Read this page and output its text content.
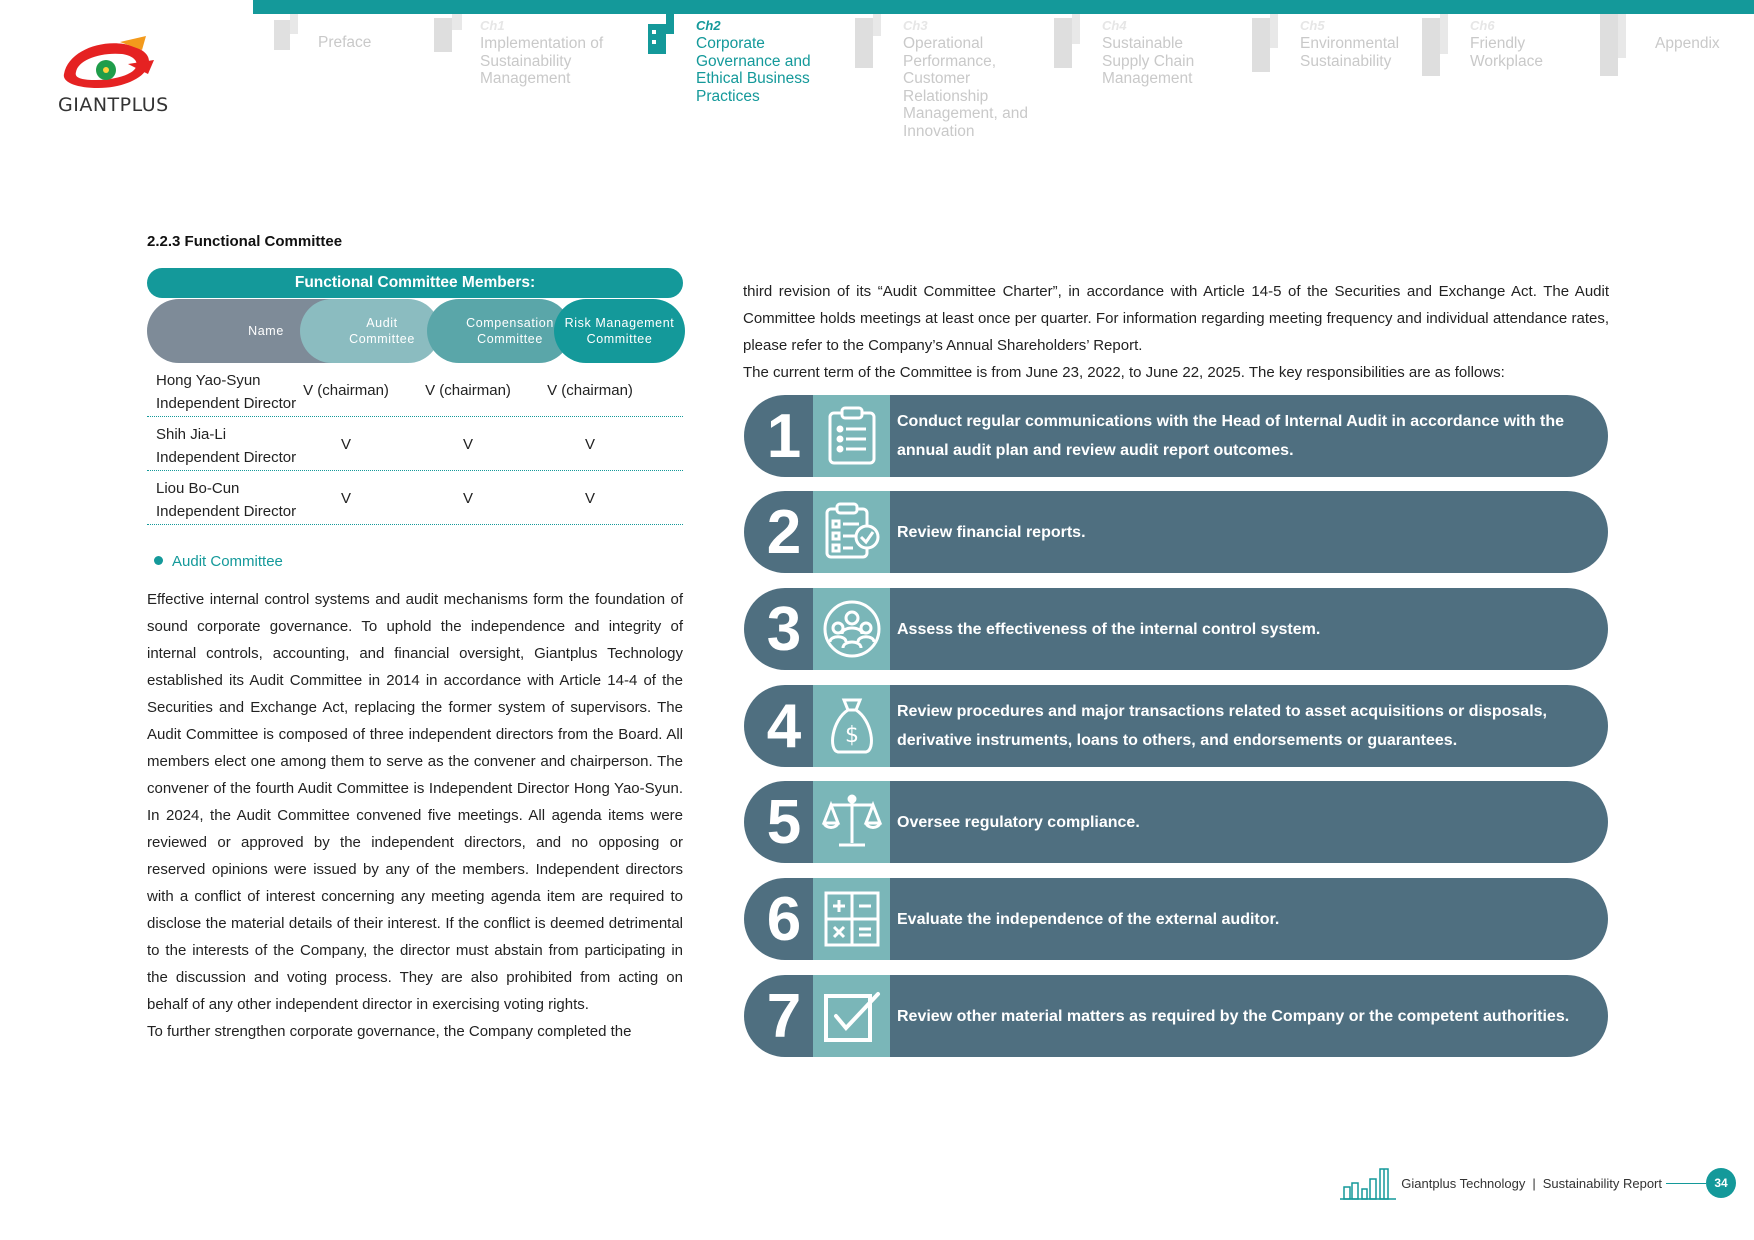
GIANTPLUS
Preface
Ch1
Implementation of Sustainability Management
Ch2
Corporate Governance and Ethical Business Practices
Ch3
Operational Performance, Customer Relationship Management, and Innovation
Ch4
Sustainable Supply Chain Management
Ch5
Environmental Sustainability
Ch6
Friendly Workplace
Appendix
2.2.3 Functional Committee
Functional Committee Members:
Name
Audit Committee
Compensation Committee
Risk Management Committee
Hong Yao-Syun
Independent Director
V (chairman)	V (chairman)	V (chairman)
Shih Jia-Li
Independent Director
V	V	V
Liou Bo-Cun
Independent Director
V	V	V
Audit Committee

Effective internal control systems and audit mechanisms form the foundation of sound corporate governance. To uphold the independence and integrity of internal controls, accounting, and financial oversight, Giantplus Technology established its Audit Committee in 2014 in accordance with Article 14-4 of the Securities and Exchange Act, replacing the former system of supervisors. The Audit Committee is composed of three independent directors from the Board. All members elect one among them to serve as the convener and chairperson. The convener of the fourth Audit Committee is Independent Director Hong Yao-Syun. In 2024, the Audit Committee convened five meetings. All agenda items were reviewed or approved by the independent directors, and no opposing or reserved opinions were issued by any of the members. Independent directors with a conflict of interest concerning any meeting agenda item are required to disclose the material details of their interest. If the conflict is deemed detrimental to the interests of the Company, the director must abstain from participating in the discussion and voting process. They are also prohibited from acting on behalf of any other independent director in exercising voting rights.

To further strengthen corporate governance, the Company completed the

third revision of its “Audit Committee Charter”, in accordance with Article 14-5 of the Securities and Exchange Act. The Audit Committee holds meetings at least once per quarter. For information regarding meeting frequency and individual attendance rates, please refer to the Company’s Annual Shareholders’ Report.

The current term of the Committee is from June 23, 2022, to June 22, 2025. The key responsibilities are as follows:

1	Conduct regular communications with the Head of Internal Audit in accordance with the annual audit plan and review audit report outcomes.
2	Review financial reports.
3	Assess the effectiveness of the internal control system.
4	$
Review procedures and major transactions related to asset acquisitions or disposals, derivative instruments, loans to others, and endorsements or guarantees.
5	Oversee regulatory compliance.
6	Evaluate the independence of the external auditor.
7	Review other material matters as required by the Company or the competent authorities.
Giantplus Technology | Sustainability Report	34
